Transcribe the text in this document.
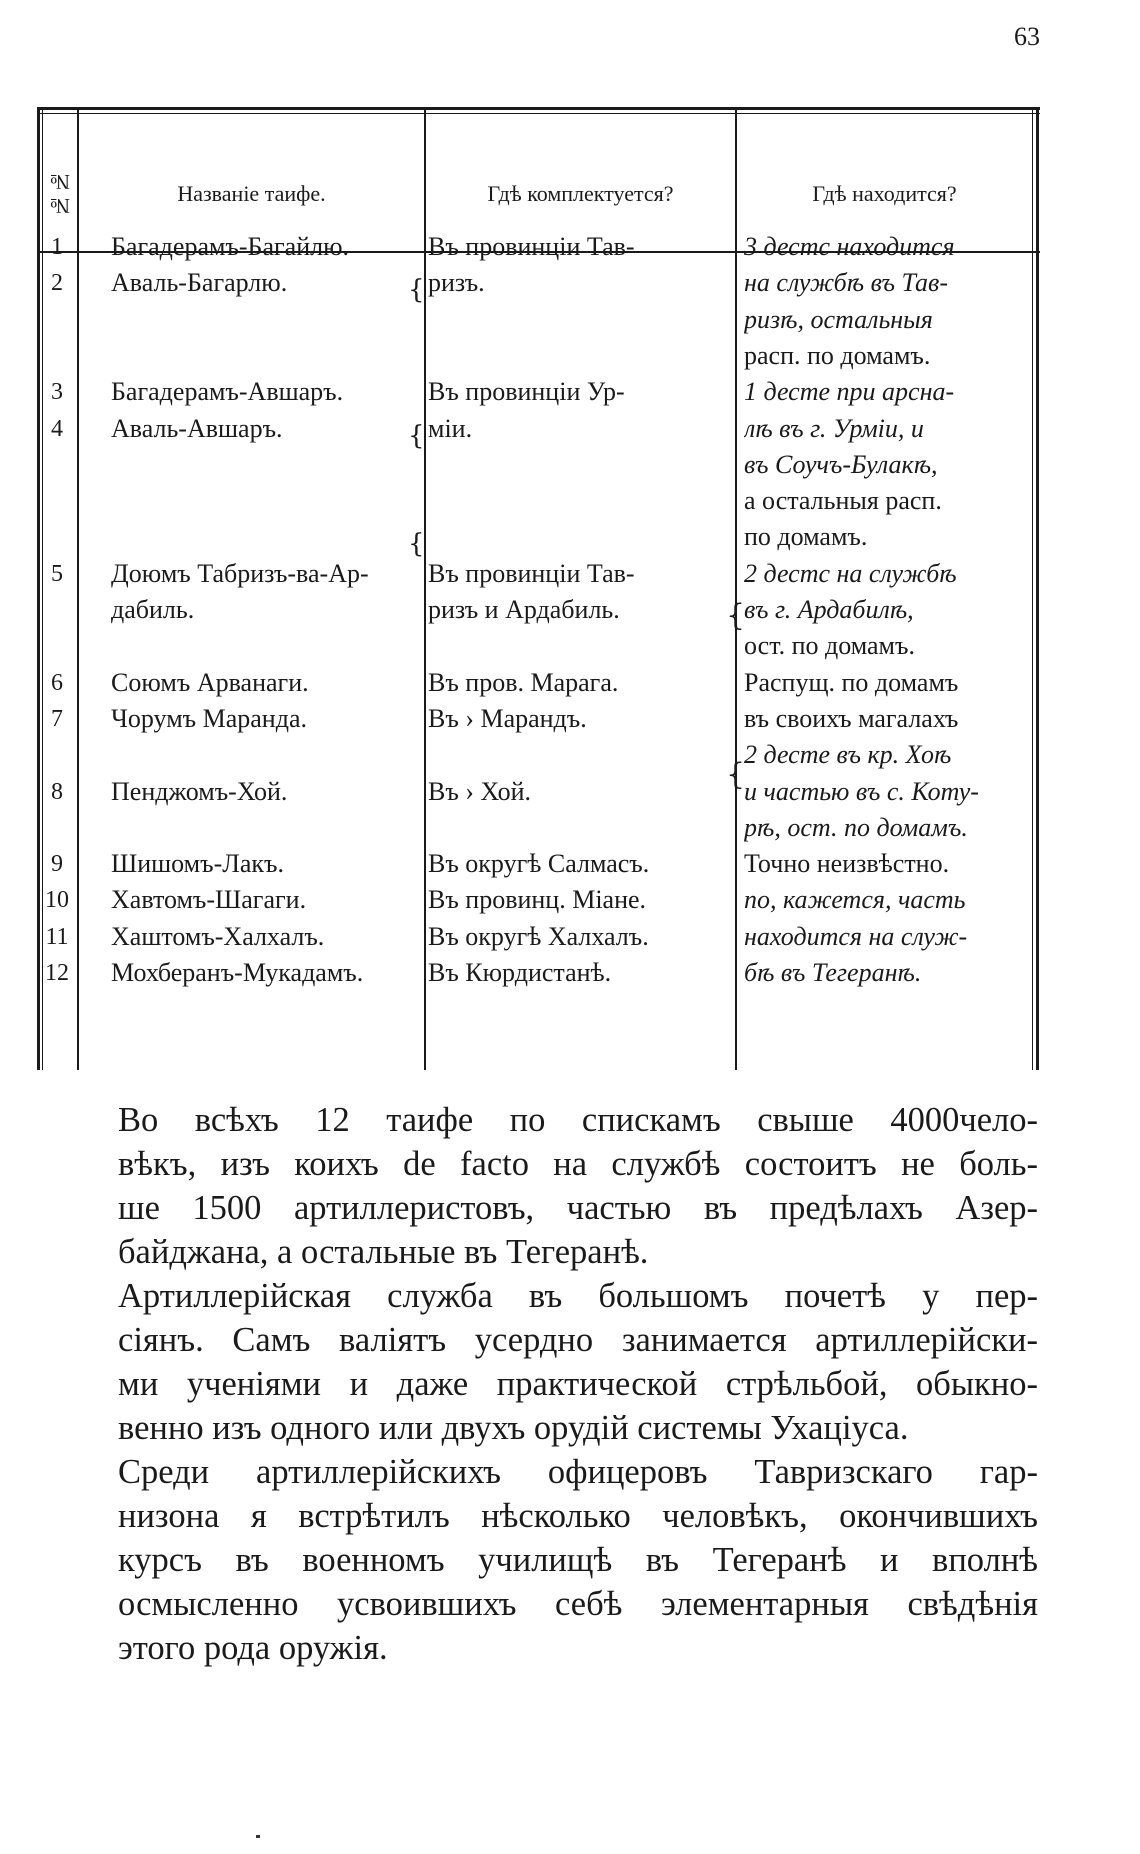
63
№№	Названіе таифе.	Гдѣ комплектуется?	Гдѣ находится?
1	Багадерамъ-Багайлю.	Въ провинціи Тав-	3 дестс находится
2	Аваль-Багарлю.	ризъ.	на службѣ въ Тав-
ризѣ, остальныя
расп. по домамъ.
3	Багадерамъ-Авшаръ.	Въ провинціи Ур-	1 десте при арсна-
4	Аваль-Авшаръ.	міи.	лѣ въ г. Урміи, и
въ Соучъ-Булакѣ,
а остальныя расп.
по домамъ.
5	Доюмъ Табризъ-ва-Ар-	Въ провинціи Тав-	2 дестс на службѣ
дабиль.	ризъ и Ардабиль.	въ г. Ардабилѣ,
ост. по домамъ.
6	Союмъ Арванаги.	Въ пров. Марага.	Распущ. по домамъ
7	Чорумъ Маранда.	Въ › Марандъ.	въ своихъ магалахъ
2 десте въ кр. Хоѣ
8	Пенджомъ-Хой.	Въ › Хой.	и частью въ с. Коту-
рѣ, ост. по домамъ.
9	Шишомъ-Лакъ.	Въ округѣ Салмасъ.	Точно неизвѣстно.
10	Хавтомъ-Шагаги.	Въ провинц. Міане.	по, кажется, часть
11	Хаштомъ-Халхалъ.	Въ округѣ Халхалъ.	находится на служ-
12	Мохберанъ-Мукадамъ.	Въ Кюрдистанѣ.	бѣ въ Тегеранѣ.
{
{
{
{
{
Во всѣхъ 12 таифе по спискамъ свыше 4000чело-
вѣкъ, изъ коихъ de facto на службѣ состоитъ не боль-
ше 1500 артиллеристовъ, частью въ предѣлахъ Азер-
байджана, а остальные въ Тегеранѣ.
Артиллерійская служба въ большомъ почетѣ у пер-
сіянъ. Самъ валіятъ усердно занимается артиллерійски-
ми ученіями и даже практической стрѣльбой, обыкно-
венно изъ одного или двухъ орудій системы Ухаціуса.
Среди артиллерійскихъ офицеровъ Тавризскаго гар-
низона я встрѣтилъ нѣсколько человѣкъ, окончившихъ
курсъ въ военномъ училищѣ въ Тегеранѣ и вполнѣ
осмысленно усвоившихъ себѣ элементарныя свѣдѣнія
этого рода оружія.
